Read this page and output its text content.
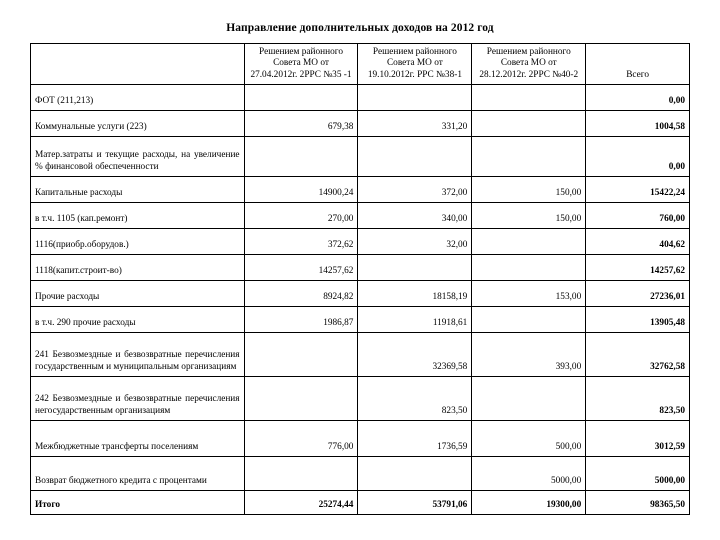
Направление дополнительных доходов на 2012 год
	Решением районного Совета МО от 27.04.2012г. 2РРС №35 -1	Решением районного Совета МО от 19.10.2012г. РРС №38-1	Решением районного Совета МО от 28.12.2012г. 2РРС №40-2	Всего
ФОТ (211,213)				0,00
Коммунальные услуги (223)	679,38	331,20		1004,58
Матер.затраты и текущие расходы, на увеличение % финансовой обеспеченности				0,00
Капитальные расходы	14900,24	372,00	150,00	15422,24
в т.ч. 1105 (кап.ремонт)	270,00	340,00	150,00	760,00
1116(приобр.оборудов.)	372,62	32,00		404,62
1118(капит.строит-во)	14257,62			14257,62
Прочие расходы	8924,82	18158,19	153,00	27236,01
в т.ч. 290 прочие расходы	1986,87	11918,61		13905,48
241 Безвозмездные и безвозвратные перечисления государственным и муниципальным организациям		32369,58	393,00	32762,58
242 Безвозмездные и безвозвратные перечисления негосударственным организациям		823,50		823,50
Межбюджетные трансферты поселениям	776,00	1736,59	500,00	3012,59
Возврат бюджетного кредита с процентами			5000,00	5000,00
Итого	25274,44	53791,06	19300,00	98365,50
